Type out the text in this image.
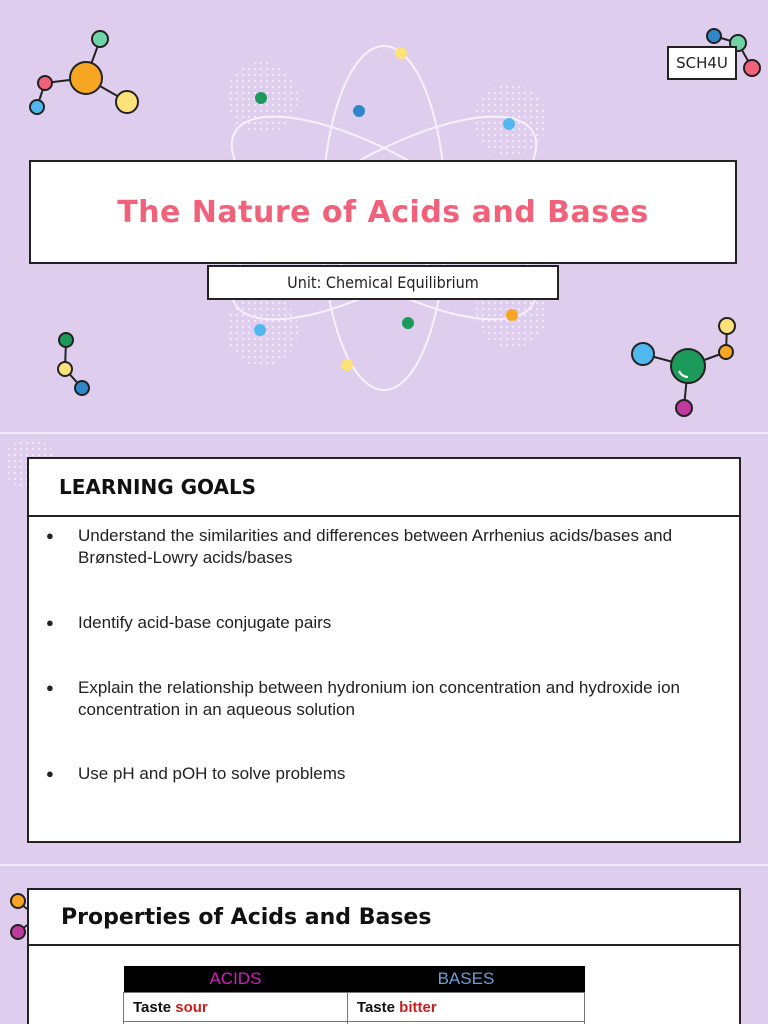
SCH4U
The Nature of Acids and Bases
Unit: Chemical Equilibrium
LEARNING GOALS
●	Understand the similarities and differences between Arrhenius acids/bases and Brønsted-Lowry acids/bases
●	Identify acid-base conjugate pairs
●	Explain the relationship between hydronium ion concentration and hydroxide ion concentration in an aqueous solution
●	Use pH and pOH to solve problems
Properties of Acids and Bases
ACIDS	BASES
Taste sour	Taste bitter
